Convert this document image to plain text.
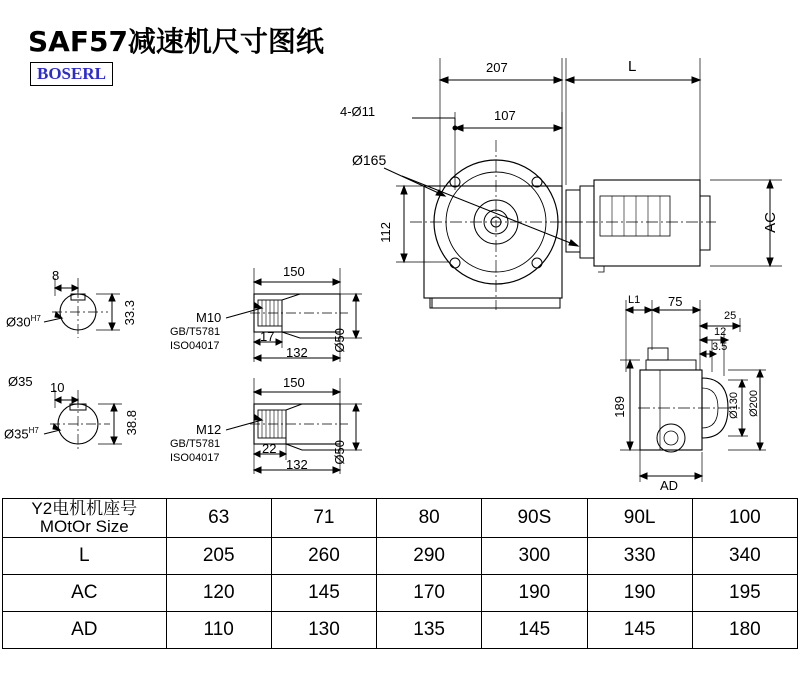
SAF57减速机尺寸图纸
BOSERL	207	L
4-Ø11	107
Ø165
112	AC
8
$Ø30^{H7}$	33.3
Ø35 10
$Ø35^{H7}$	38.8
150
M10
GB/T5781
ISO04017
17
132 Ø50
150
M12
GB/T5781
ISO04017
22
132 Ø50
L1 75
25
12
3.5
189	Ø130 Ø200
AD
Y2电机机座号
MOtOr Size	63	71	80	90S	90L	100
L	205	260	290	300	330	340
AC	120	145	170	190	190	195
AD	110	130	135	145	145	180
